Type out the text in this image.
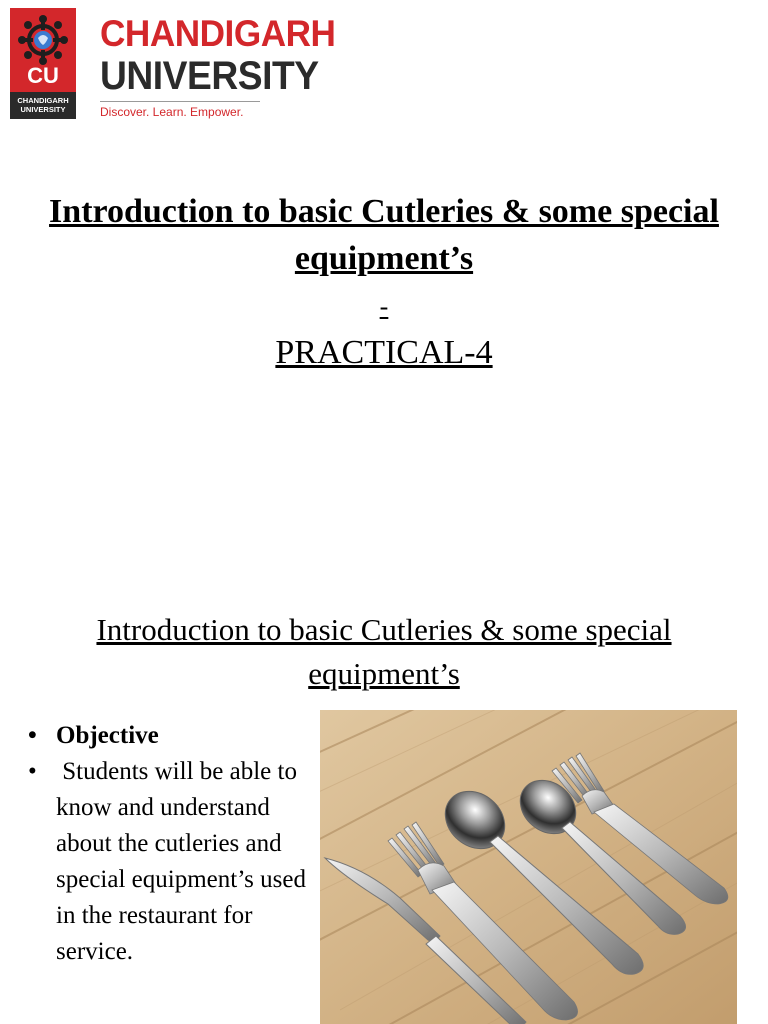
CU
CHANDIGARH
UNIVERSITY
CHANDIGARH
UNIVERSITY
Discover. Learn. Empower.
Introduction to basic Cutleries & some special equipment’s
-
PRACTICAL-4
Introduction to basic Cutleries & some special equipment’s
• Objective
• Students will be able to know and understand about the cutleries and special equipment’s used in the restaurant for service.
